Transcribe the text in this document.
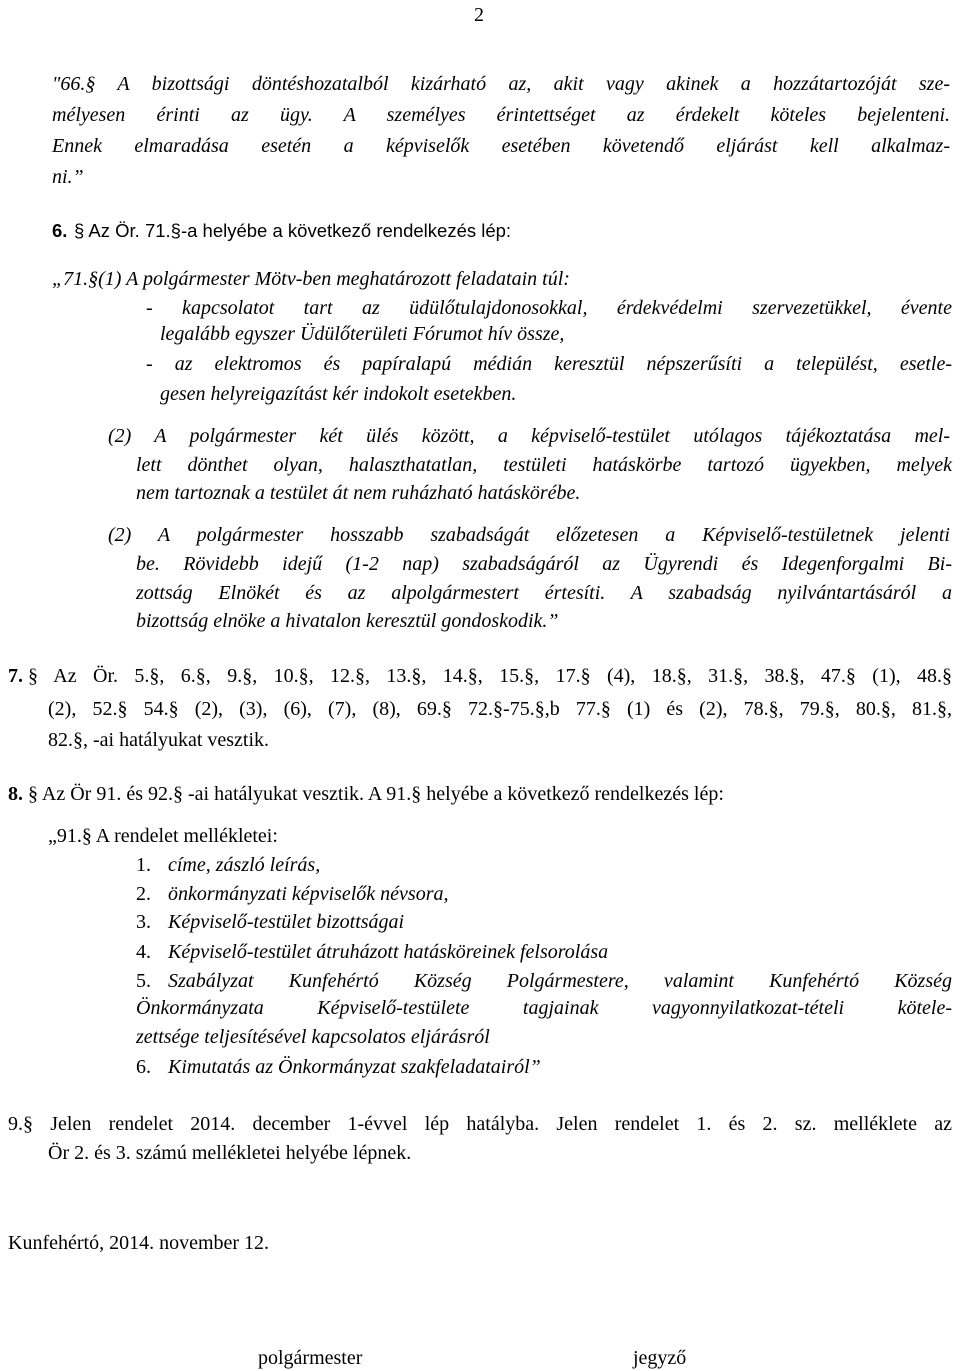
2
"66.§ A bizottsági döntéshozatalból kizárható az, akit vagy akinek a hozzátartozóját sze-
mélyesen érinti az ügy. A személyes érintettséget az érdekelt köteles bejelenteni.
Ennek elmaradása esetén a képviselők esetében követendő eljárást kell alkalmaz-
ni.”
6. § Az Ör. 71.§-a helyébe a következő rendelkezés lép:
„71.§(1) A polgármester Mötv-ben meghatározott feladatain túl:
- kapcsolatot tart az üdülőtulajdonosokkal, érdekvédelmi szervezetükkel, évente
legalább egyszer Üdülőterületi Fórumot hív össze,
- az elektromos és papíralapú médián keresztül népszerűsíti a települést, esetle-
gesen helyreigazítást kér indokolt esetekben.
(2) A polgármester két ülés között, a képviselő-testület utólagos tájékoztatása mel-
lett dönthet olyan, halaszthatatlan, testületi hatáskörbe tartozó ügyekben, melyek
nem tartoznak a testület át nem ruházható hatáskörébe.
(2) A polgármester hosszabb szabadságát előzetesen a Képviselő-testületnek jelenti
be. Rövidebb idejű (1-2 nap) szabadságáról az Ügyrendi és Idegenforgalmi Bi-
zottság Elnökét és az alpolgármestert értesíti. A szabadság nyilvántartásáról a
bizottság elnöke a hivatalon keresztül gondoskodik.”
7. § Az Ör. 5.§, 6.§, 9.§, 10.§, 12.§, 13.§, 14.§, 15.§, 17.§ (4), 18.§, 31.§, 38.§, 47.§ (1), 48.§
(2), 52.§ 54.§ (2), (3), (6), (7), (8), 69.§ 72.§-75.§,b 77.§ (1) és (2), 78.§, 79.§, 80.§, 81.§,
82.§, -ai hatályukat vesztik.
8. § Az Ör 91. és 92.§ -ai hatályukat vesztik. A 91.§ helyébe a következő rendelkezés lép:
„91.§ A rendelet mellékletei:
1. címe, zászló leírás,
2. önkormányzati képviselők névsora,
3. Képviselő-testület bizottságai
4. Képviselő-testület átruházott hatásköreinek felsorolása
5. Szabályzat Kunfehértó Község Polgármestere, valamint Kunfehértó Község
Önkormányzata Képviselő-testülete tagjainak vagyonnyilatkozat-tételi kötele-
zettsége teljesítésével kapcsolatos eljárásról
6. Kimutatás az Önkormányzat szakfeladatairól”
9.§ Jelen rendelet 2014. december 1-évvel lép hatályba. Jelen rendelet 1. és 2. sz. melléklete az
Ör 2. és 3. számú mellékletei helyébe lépnek.
Kunfehértó, 2014. november 12.
polgármester	jegyző
